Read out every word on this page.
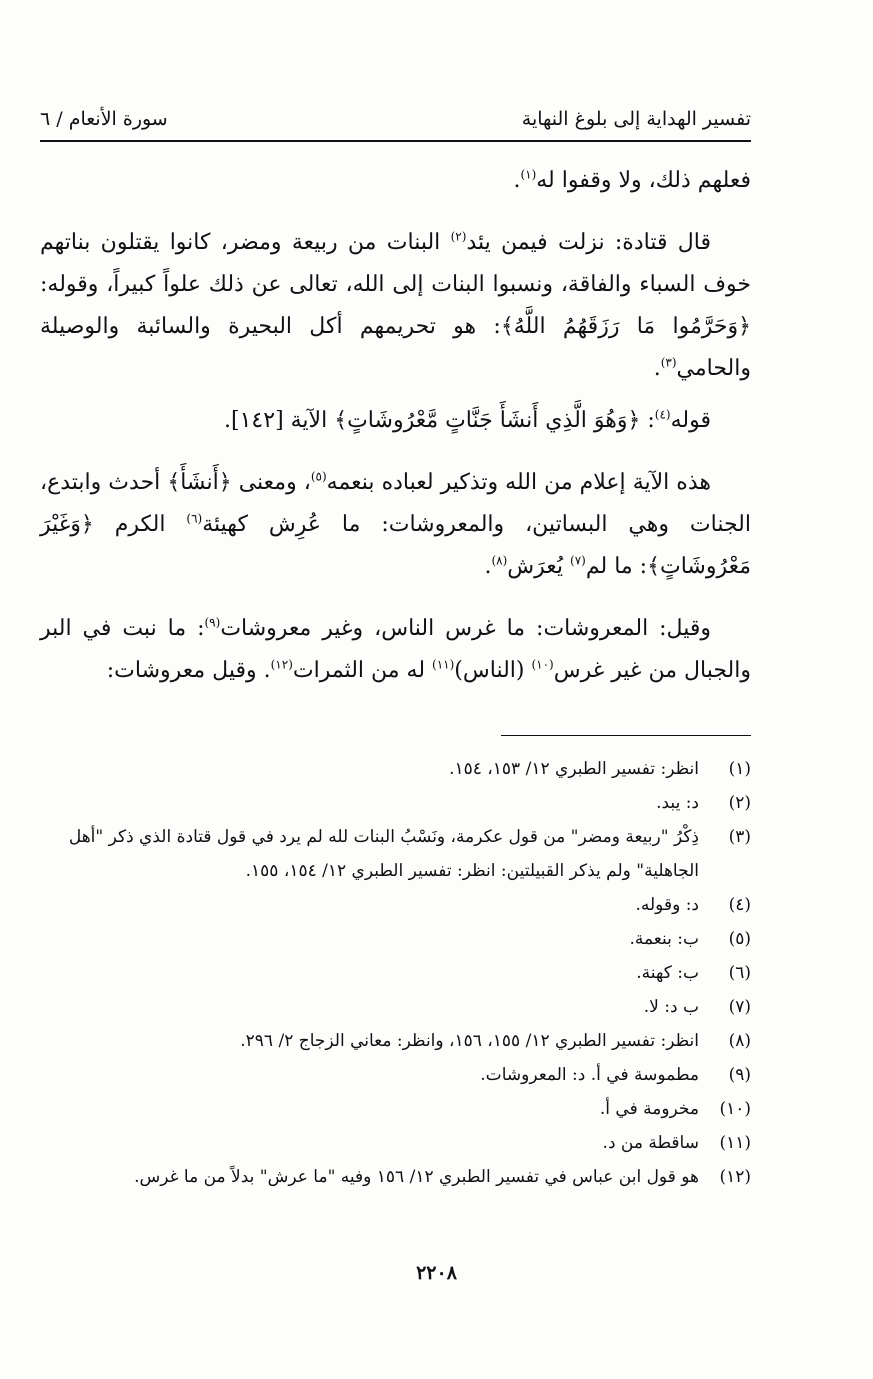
تفسير الهداية إلى بلوغ النهاية
سورة الأنعام / ٦

فعلهم ذلك، ولا وقفوا له$^{(١)}$.

قال قتادة: نزلت فيمن يئد$^{(٢)}$ البنات من ربيعة ومضر، كانوا يقتلون بناتهم خوف السباء والفاقة، ونسبوا البنات إلى الله، تعالى عن ذلك علواً كبيراً، وقوله: ﴿وَحَرَّمُوا مَا رَزَقَهُمُ اللَّهُ﴾: هو تحريمهم أكل البحيرة والسائبة والوصيلة والحامي$^{(٣)}$.

قوله$^{(٤)}$: ﴿وَهُوَ الَّذِي أَنشَأَ جَنَّاتٍ مَّعْرُوشَاتٍ﴾ الآية [١٤٢].

هذه الآية إعلام من الله وتذكير لعباده بنعمه$^{(٥)}$، ومعنى ﴿أَنشَأَ﴾ أحدث وابتدع، الجنات وهي البساتين، والمعروشات: ما عُرِش كهيئة$^{(٦)}$ الكرم ﴿وَغَيْرَ مَعْرُوشَاتٍ﴾: ما لم$^{(٧)}$ يُعرَش$^{(٨)}$.

وقيل: المعروشات: ما غرس الناس، وغير معروشات$^{(٩)}$: ما نبت في البر والجبال من غير غرس$^{(١٠)}$ (الناس)$^{(١١)}$ له من الثمرات$^{(١٢)}$. وقيل معروشات:

(١)
انظر: تفسير الطبري ١٢/ ١٥٣، ١٥٤.
(٢)
د: يبد.
(٣)
ذِكْرُ "ربيعة ومضر" من قول عكرمة، ونَسْبُ البنات لله لم يرد في قول قتادة الذي ذكر "أهل الجاهلية" ولم يذكر القبيلتين: انظر: تفسير الطبري ١٢/ ١٥٤، ١٥٥.
(٤)
د: وقوله.
(٥)
ب: بنعمة.
(٦)
ب: كهنة.
(٧)
ب د: لا.
(٨)
انظر: تفسير الطبري ١٢/ ١٥٥، ١٥٦، وانظر: معاني الزجاج ٢/ ٢٩٦.
(٩)
مطموسة في أ. د: المعروشات.
(١٠)
مخرومة في أ.
(١١)
ساقطة من د.
(١٢)
هو قول ابن عباس في تفسير الطبري ١٢/ ١٥٦ وفيه "ما عرش" بدلاً من ما غرس.
٢٢٠٨
